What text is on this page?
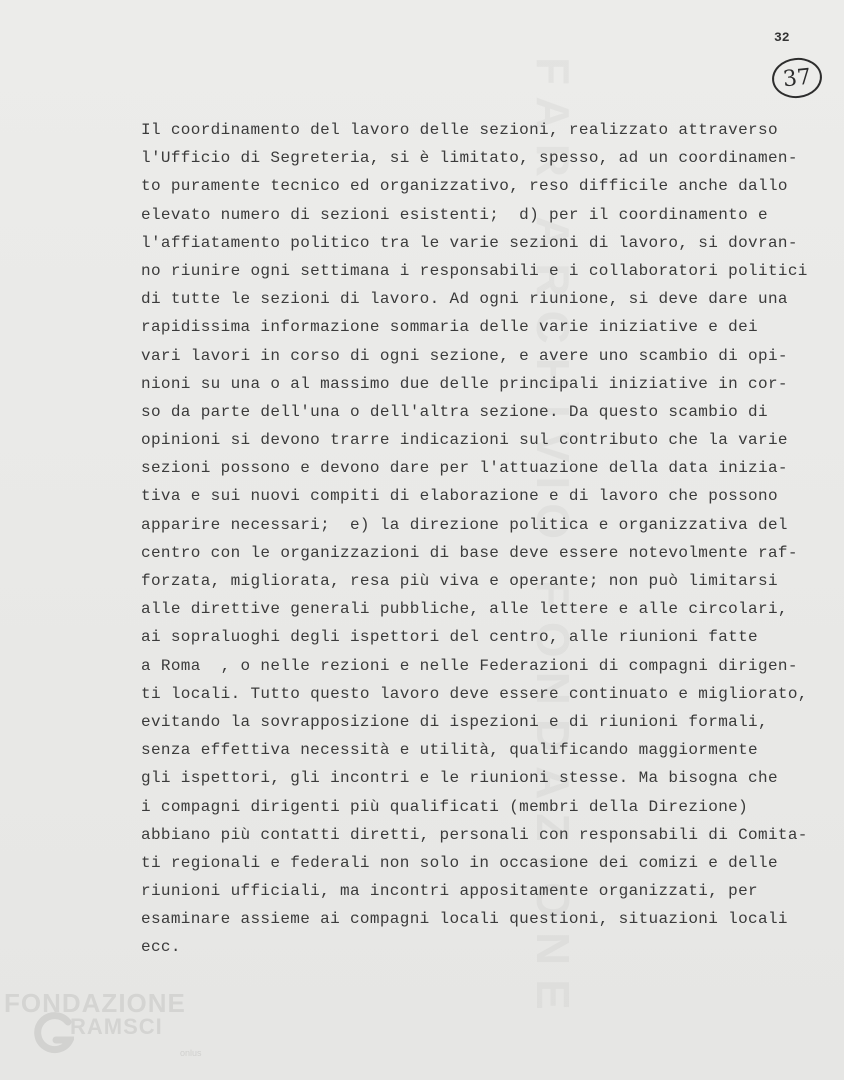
FAR ARCHIVIO FONDAZIONE
32
37
Il coordinamento del lavoro delle sezioni, realizzato attraverso
l'Ufficio di Segreteria, si è limitato, spesso, ad un coordinamen-
to puramente tecnico ed organizzativo, reso difficile anche dallo
elevato numero di sezioni esistenti;  d) per il coordinamento e
l'affiatamento politico tra le varie sezioni di lavoro, si dovran-
no riunire ogni settimana i responsabili e i collaboratori politici
di tutte le sezioni di lavoro. Ad ogni riunione, si deve dare una
rapidissima informazione sommaria delle varie iniziative e dei
vari lavori in corso di ogni sezione, e avere uno scambio di opi-
nioni su una o al massimo due delle principali iniziative in cor-
so da parte dell'una o dell'altra sezione. Da questo scambio di
opinioni si devono trarre indicazioni sul contributo che la varie
sezioni possono e devono dare per l'attuazione della data inizia-
tiva e sui nuovi compiti di elaborazione e di lavoro che possono
apparire necessari;  e) la direzione politica e organizzativa del
centro con le organizzazioni di base deve essere notevolmente raf-
forzata, migliorata, resa più viva e operante; non può limitarsi
alle direttive generali pubbliche, alle lettere e alle circolari,
ai sopraluoghi degli ispettori del centro, alle riunioni fatte
a Roma  , o nelle rezioni e nelle Federazioni di compagni dirigen-
ti locali. Tutto questo lavoro deve essere continuato e migliorato,
evitando la sovrapposizione di ispezioni e di riunioni formali,
senza effettiva necessità e utilità, qualificando maggiormente
gli ispettori, gli incontri e le riunioni stesse. Ma bisogna che
i compagni dirigenti più qualificati (membri della Direzione)
abbiano più contatti diretti, personali con responsabili di Comita-
ti regionali e federali non solo in occasione dei comizi e delle
riunioni ufficiali, ma incontri appositamente organizzati, per
esaminare assieme ai compagni locali questioni, situazioni locali
ecc.
FONDAZIONE
RAMSCI
onlus
